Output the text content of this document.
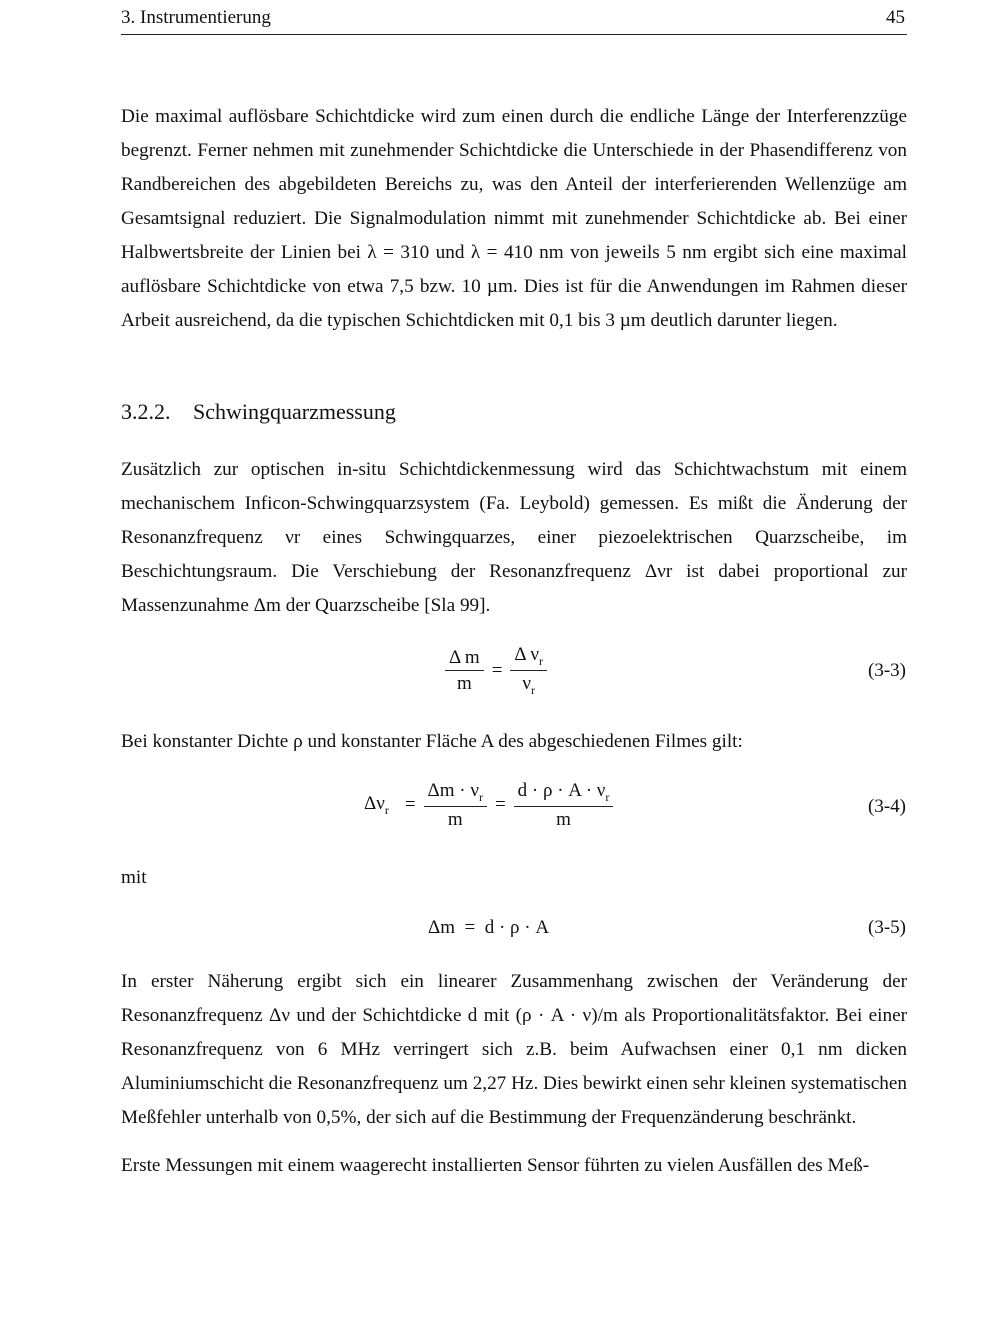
3. Instrumentierung	45

Die maximal auflösbare Schichtdicke wird zum einen durch die endliche Länge der Interferenzzüge begrenzt. Ferner nehmen mit zunehmender Schichtdicke die Unterschiede in der Phasendifferenz von Randbereichen des abgebildeten Bereichs zu, was den Anteil der interferierenden Wellenzüge am Gesamtsignal reduziert. Die Signalmodulation nimmt mit zunehmender Schichtdicke ab. Bei einer Halbwertsbreite der Linien bei λ = 310 und λ = 410 nm von jeweils 5 nm ergibt sich eine maximal auflösbare Schichtdicke von etwa 7,5 bzw. 10 µm. Dies ist für die Anwendungen im Rahmen dieser Arbeit ausreichend, da die typischen Schichtdicken mit 0,1 bis 3 µm deutlich darunter liegen.

3.2.2. Schwingquarzmessung

Zusätzlich zur optischen in-situ Schichtdickenmessung wird das Schichtwachstum mit einem mechanischem Inficon-Schwingquarzsystem (Fa. Leybold) gemessen. Es mißt die Änderung der Resonanzfrequenz νr eines Schwingquarzes, einer piezoelektrischen Quarzscheibe, im Beschichtungsraum. Die Verschiebung der Resonanzfrequenz Δνr ist dabei proportional zur Massenzunahme Δm der Quarzscheibe [Sla 99].

$\frac{\text{Δ m}}{m} = \frac{\Delta \nu_r}{\nu_r}$	(3-3)

Bei konstanter Dichte ρ und konstanter Fläche A des abgeschiedenen Filmes gilt:

$\Delta\nu_r = \frac{\Delta m \cdot \nu_r}{m} = \frac{d \cdot \rho \cdot A \cdot \nu_r}{m}$	(3-4)

mit

Δm  =  d · ρ · A	(3-5)

In erster Näherung ergibt sich ein linearer Zusammenhang zwischen der Veränderung der Resonanzfrequenz Δν und der Schichtdicke d mit (ρ · A · ν)/m als Proportionalitätsfaktor. Bei einer Resonanzfrequenz von 6 MHz verringert sich z.B. beim Aufwachsen einer 0,1 nm dicken Aluminiumschicht die Resonanzfrequenz um 2,27 Hz. Dies bewirkt einen sehr kleinen systematischen Meßfehler unterhalb von 0,5%, der sich auf die Bestimmung der Frequenzänderung beschränkt.

Erste Messungen mit einem waagerecht installierten Sensor führten zu vielen Ausfällen des Meß-
